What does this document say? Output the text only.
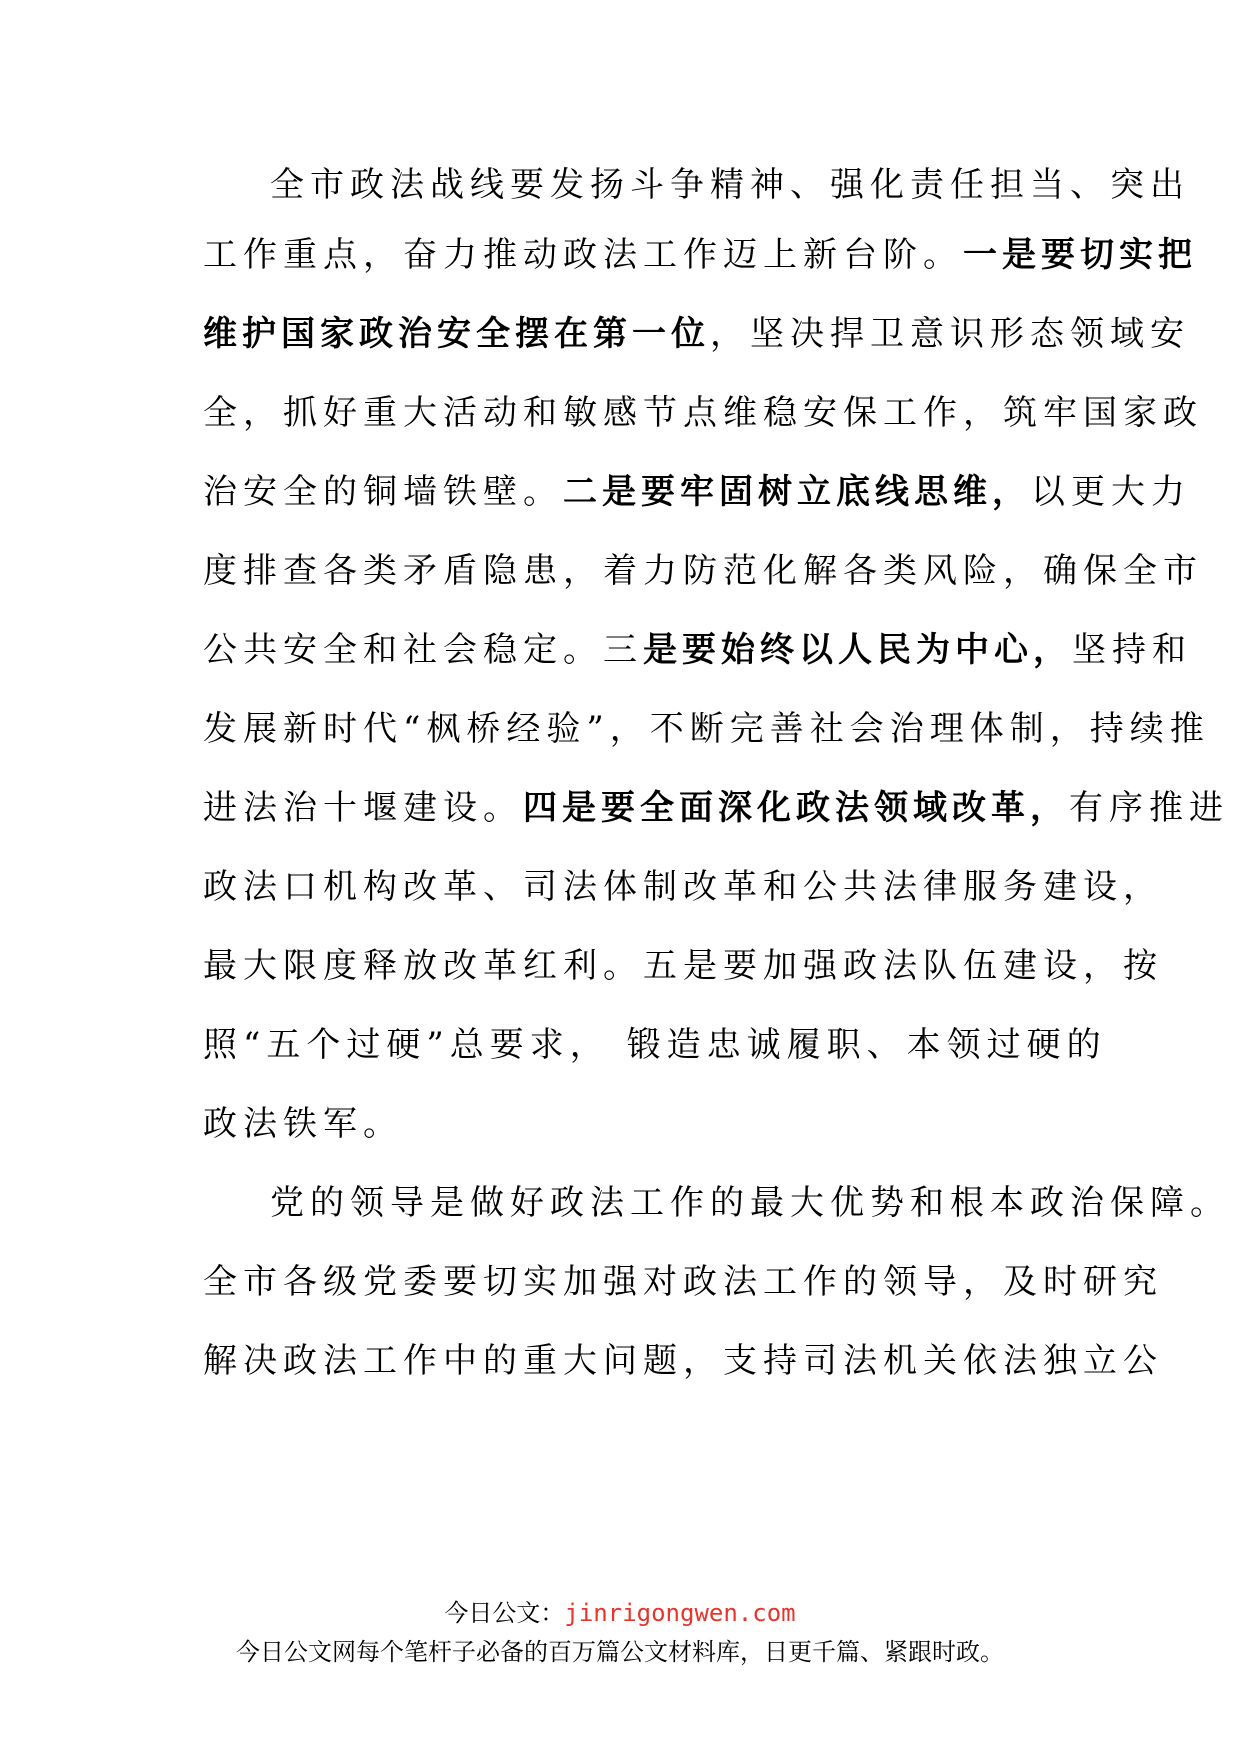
全市政法战线要发扬斗争精神、强化责任担当、突出
工作重点，奋力推动政法工作迈上新台阶。一是要切实把
维护国家政治安全摆在第一位，坚决捍卫意识形态领域安
全，抓好重大活动和敏感节点维稳安保工作，筑牢国家政
治安全的铜墙铁壁。二是要牢固树立底线思维，以更大力
度排查各类矛盾隐患，着力防范化解各类风险，确保全市
公共安全和社会稳定。三是要始终以人民为中心，坚持和
发展新时代“枫桥经验”，不断完善社会治理体制，持续推
进法治十堰建设。四是要全面深化政法领域改革，有序推进
政法口机构改革、司法体制改革和公共法律服务建设，
最大限度释放改革红利。五是要加强政法队伍建设，按
照“五个过硬”总要求， 锻造忠诚履职、本领过硬的
政法铁军。
党的领导是做好政法工作的最大优势和根本政治保障。
全市各级党委要切实加强对政法工作的领导，及时研究
解决政法工作中的重大问题，支持司法机关依法独立公
今日公文：jinrigongwen.com
今日公文网每个笔杆子必备的百万篇公文材料库，日更千篇、紧跟时政。
